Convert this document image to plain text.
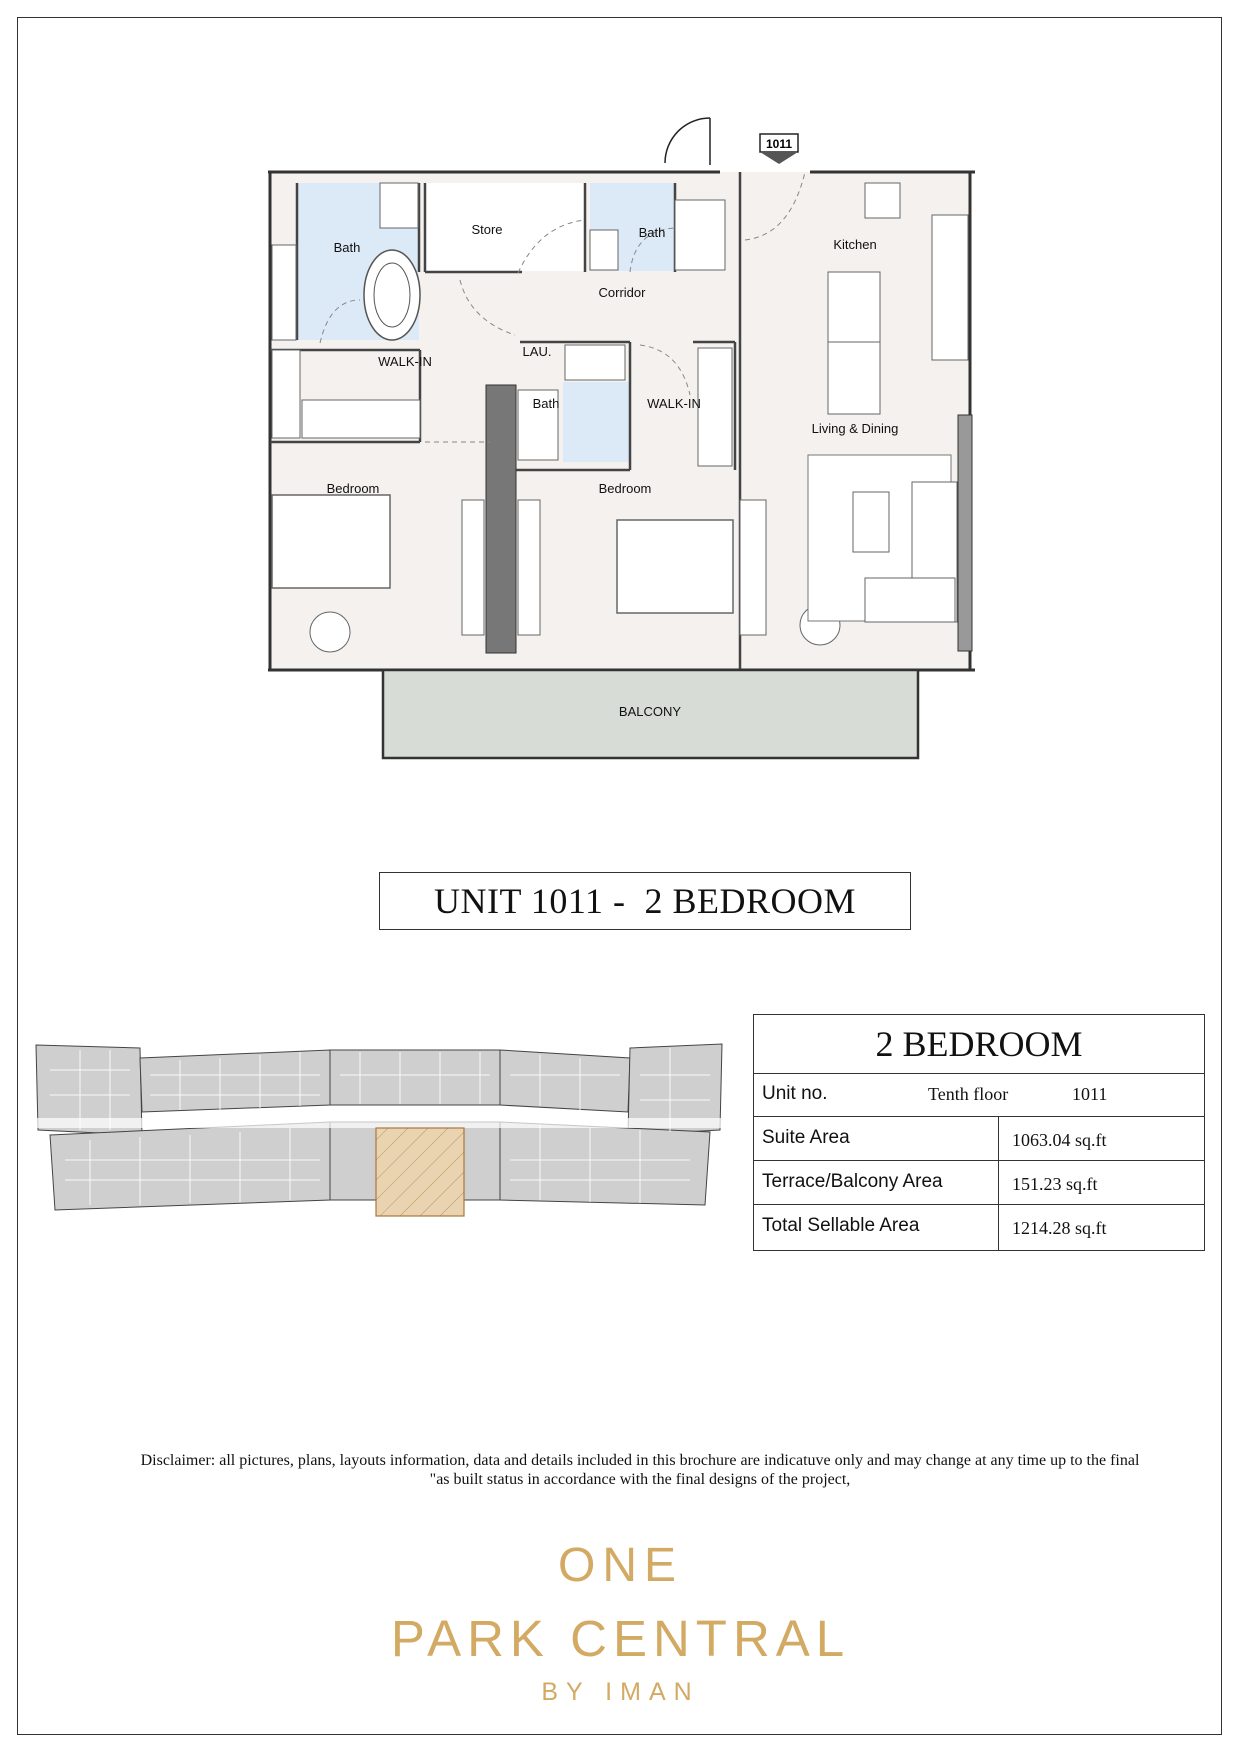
1011
Bath
Store	Bath
Kitchen
Corridor
WALK-IN
LAU.
Bath	WALK-IN
Living & Dining
Bedroom	Bedroom
BALCONY
UNIT 1011 -  2 BEDROOM
2 BEDROOM
Unit no.	Tenth floor	1011
Suite Area	1063.04 sq.ft
Terrace/Balcony Area	151.23 sq.ft
Total Sellable Area	1214.28 sq.ft
Disclaimer: all pictures, plans, layouts information, data and details included in this brochure are indicatuve only and may change at any time up to the final
"as built status in accordance with the final designs of the project,
ONE
PARK CENTRAL
BY IMAN
